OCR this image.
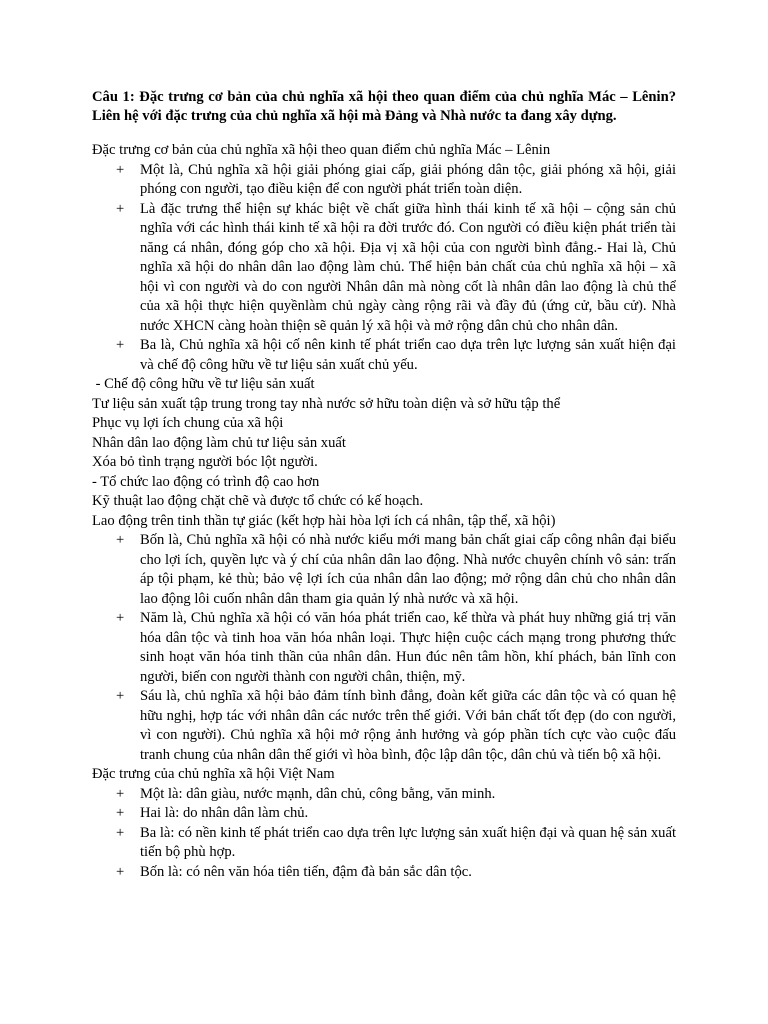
Câu 1: Đặc trưng cơ bản của chủ nghĩa xã hội theo quan điểm của chủ nghĩa Mác – Lênin? Liên hệ với đặc trưng của chủ nghĩa xã hội mà Đảng và Nhà nước ta đang xây dựng.

Đặc trưng cơ bản của chủ nghĩa xã hội theo quan điểm chủ nghĩa Mác – Lênin

+ Một là, Chủ nghĩa xã hội giải phóng giai cấp, giải phóng dân tộc, giải phóng xã hội, giải phóng con người, tạo điều kiện để con người phát triển toàn diện.

+ Là đặc trưng thể hiện sự khác biệt về chất giữa hình thái kinh tế xã hội – cộng sản chủ nghĩa với các hình thái kinh tế xã hội ra đời trước đó. Con người có điều kiện phát triển tài năng cá nhân, đóng góp cho xã hội. Địa vị xã hội của con người bình đẳng.- Hai là, Chủ nghĩa xã hội do nhân dân lao động làm chủ. Thể hiện bản chất của chủ nghĩa xã hội – xã hội vì con người và do con người Nhân dân mà nòng cốt là nhân dân lao động là chủ thể của xã hội thực hiện quyềnlàm chủ ngày càng rộng rãi và đầy đủ (ứng cử, bầu cử). Nhà nước XHCN càng hoàn thiện sẽ quản lý xã hội và mở rộng dân chủ cho nhân dân.

+ Ba là, Chủ nghĩa xã hội cố nên kinh tế phát triển cao dựa trên lực lượng sản xuất hiện đại và chế độ công hữu về tư liệu sản xuất chủ yếu.

- Chế độ công hữu về tư liệu sản xuất

Tư liệu sản xuất tập trung trong tay nhà nước sở hữu toàn diện và sở hữu tập thể

Phục vụ lợi ích chung của xã hội

Nhân dân lao động làm chủ tư liệu sản xuất

Xóa bỏ tình trạng người bóc lột người.

- Tổ chức lao động có trình độ cao hơn

Kỹ thuật lao động chặt chẽ và được tổ chức có kế hoạch.

Lao động trên tinh thần tự giác (kết hợp hài hòa lợi ích cá nhân, tập thể, xã hội)

+ Bốn là, Chủ nghĩa xã hội có nhà nước kiểu mới mang bản chất giai cấp công nhân đại biểu cho lợi ích, quyền lực và ý chí của nhân dân lao động. Nhà nước chuyên chính vô sản: trấn áp tội phạm, kẻ thù; bảo vệ lợi ích của nhân dân lao động; mở rộng dân chủ cho nhân dân lao động lôi cuốn nhân dân tham gia quản lý nhà nước và xã hội.

+ Năm là, Chủ nghĩa xã hội có văn hóa phát triển cao, kế thừa và phát huy những giá trị văn hóa dân tộc và tinh hoa văn hóa nhân loại. Thực hiện cuộc cách mạng trong phương thức sinh hoạt văn hóa tinh thần của nhân dân. Hun đúc nên tâm hồn, khí phách, bản lĩnh con người, biến con người thành con người chân, thiện, mỹ.

+ Sáu là, chủ nghĩa xã hội bảo đảm tính bình đẳng, đoàn kết giữa các dân tộc và có quan hệ hữu nghị, hợp tác với nhân dân các nước trên thế giới. Với bản chất tốt đẹp (do con người, vì con người). Chủ nghĩa xã hội mở rộng ảnh hưởng và góp phần tích cực vào cuộc đấu tranh chung của nhân dân thế giới vì hòa bình, độc lập dân tộc, dân chủ và tiến bộ xã hội.

Đặc trưng của chủ nghĩa xã hội Việt Nam

+ Một là: dân giàu, nước mạnh, dân chủ, công bằng, văn minh.

+ Hai là: do nhân dân làm chủ.

+ Ba là: có nền kinh tế phát triển cao dựa trên lực lượng sản xuất hiện đại và quan hệ sản xuất tiến bộ phù hợp.

+ Bốn là: có nên văn hóa tiên tiến, đậm đà bản sắc dân tộc.
